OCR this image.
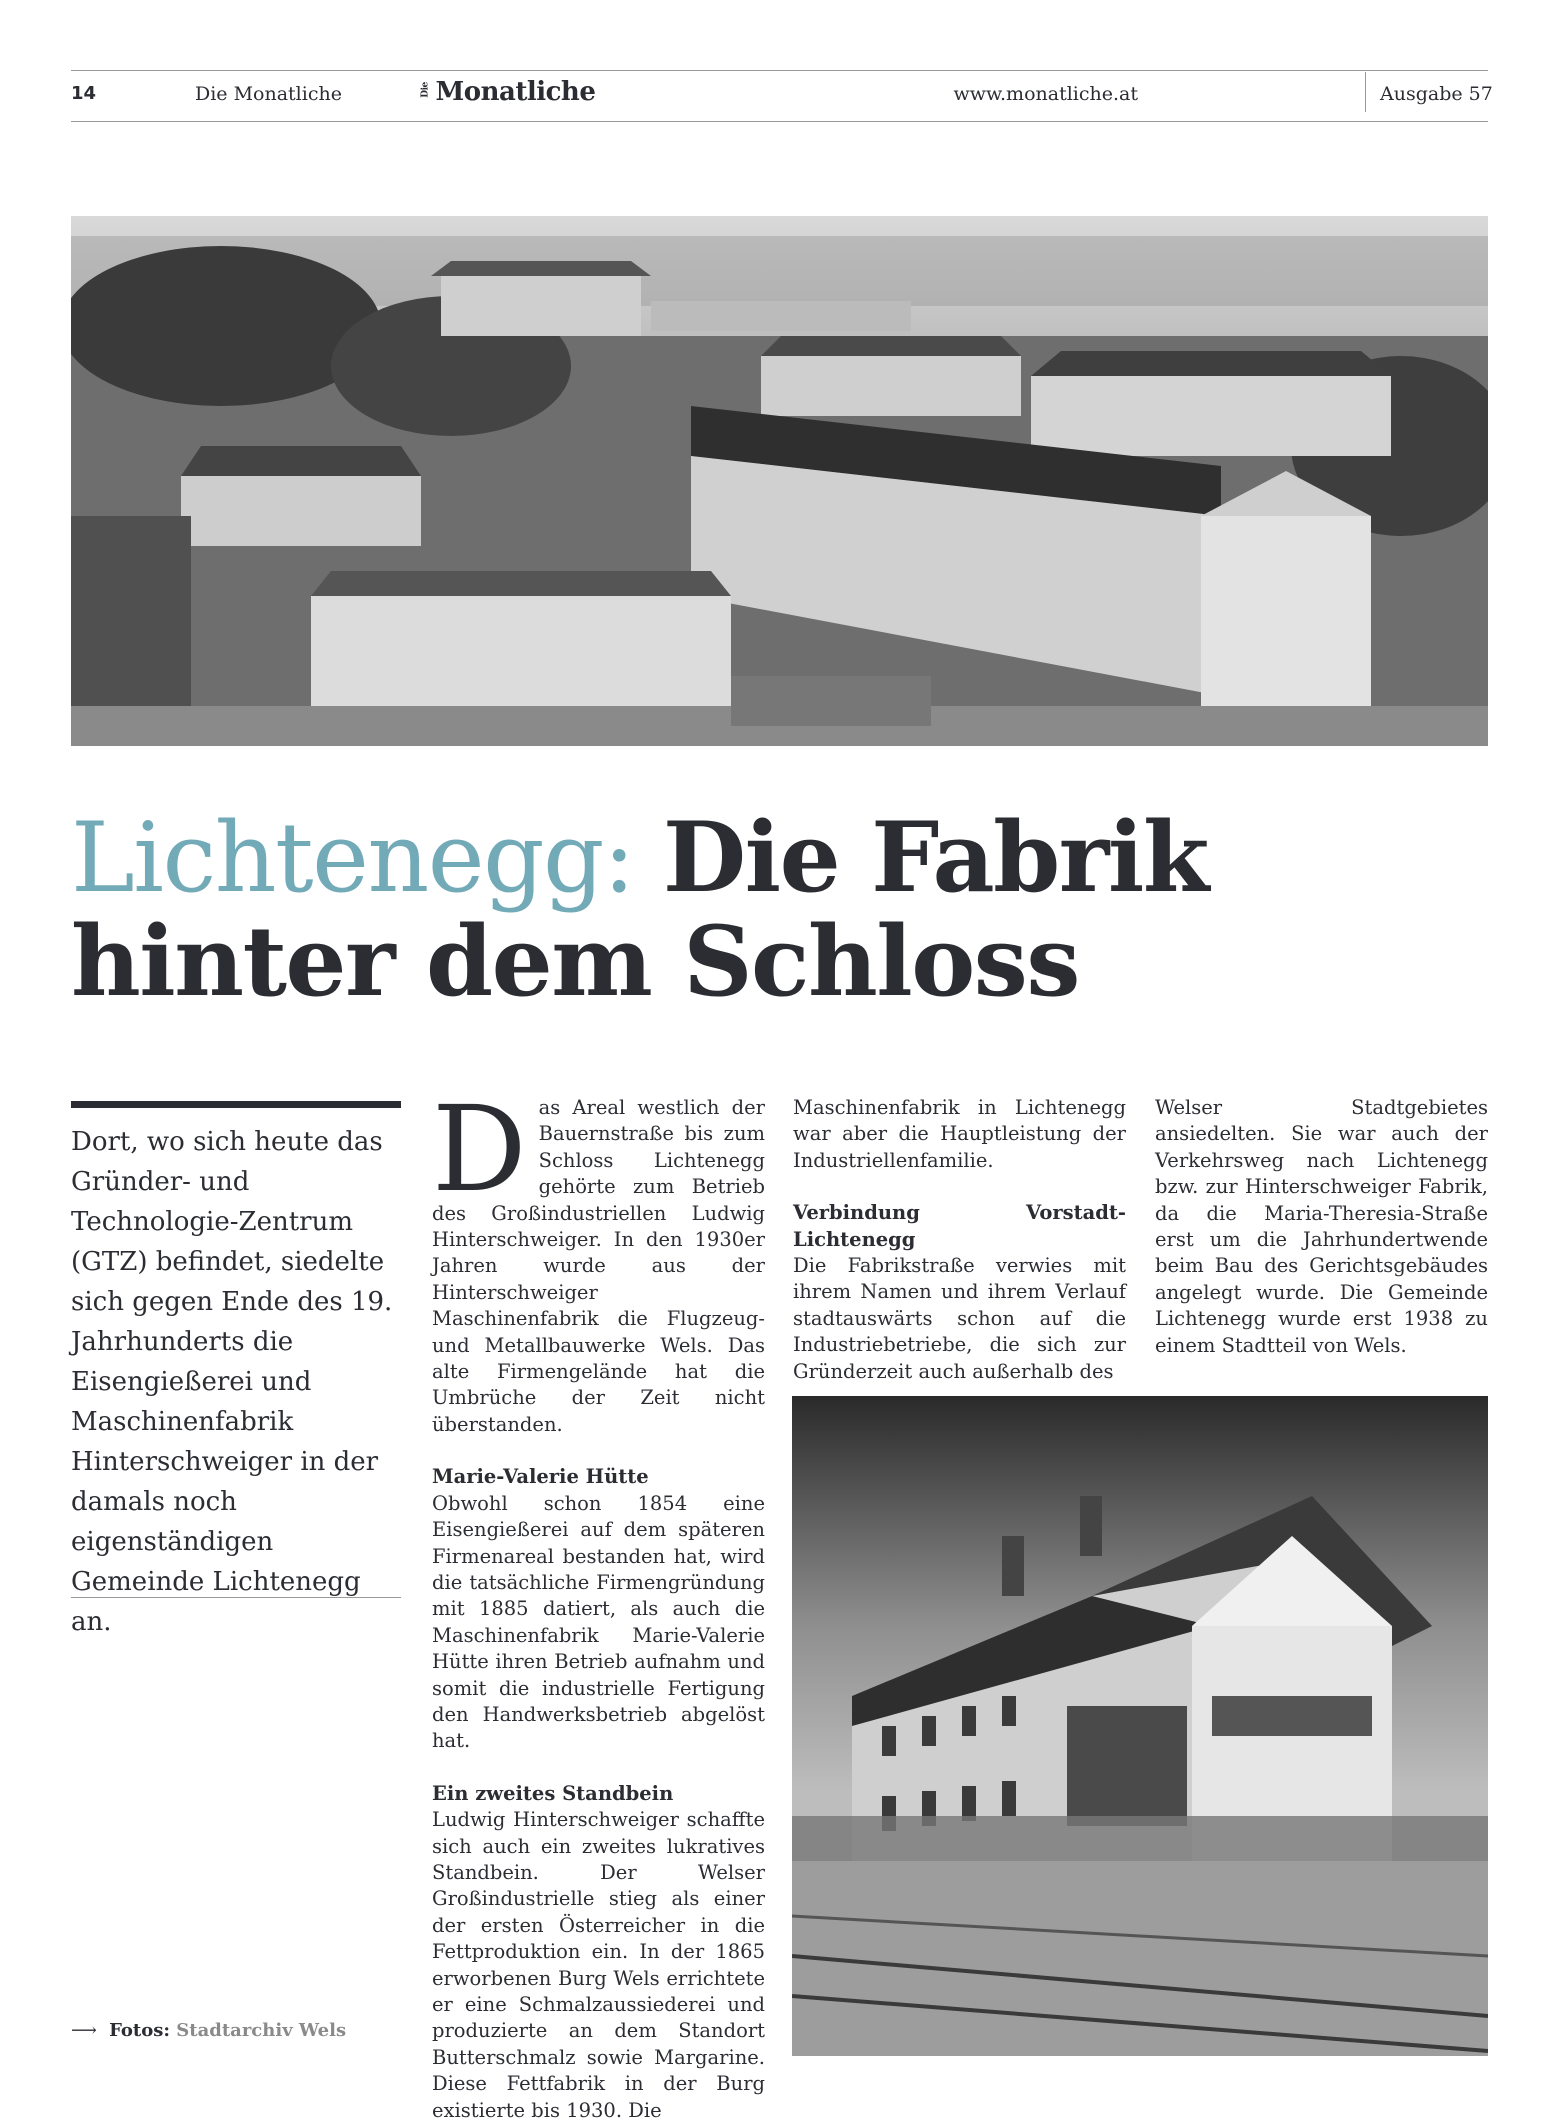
14	Die Monatliche	Die Monatliche	www.monatliche.at	Ausgabe 57
Lichtenegg: Die Fabrik hinter dem Schloss
Dort, wo sich heute das Gründer- und Technologie-Zentrum (GTZ) befindet, siedelte sich gegen Ende des 19. Jahrhunderts die Eisengießerei und Maschinenfabrik Hinterschweiger in der damals noch eigenständigen Gemeinde Lichtenegg an.
⟶ Fotos: Stadtarchiv Wels

Das Areal westlich der Bauernstraße bis zum Schloss Lichtenegg gehörte zum Betrieb des Großindustriellen Ludwig Hinterschweiger. In den 1930er Jahren wurde aus der Hinterschweiger Maschinenfabrik die Flugzeug- und Metallbauwerke Wels. Das alte Firmengelände hat die Umbrüche der Zeit nicht überstanden.

Marie-Valerie Hütte

Obwohl schon 1854 eine Eisengießerei auf dem späteren Firmenareal bestanden hat, wird die tatsächliche Firmengründung mit 1885 datiert, als auch die Maschinenfabrik Marie-Valerie Hütte ihren Betrieb aufnahm und somit die industrielle Fertigung den Handwerksbetrieb abgelöst hat.

Ein zweites Standbein

Ludwig Hinterschweiger schaffte sich auch ein zweites lukratives Standbein. Der Welser Großindustrielle stieg als einer der ersten Österreicher in die Fettproduktion ein. In der 1865 erworbenen Burg Wels errichtete er eine Schmalzaussiederei und produzierte an dem Standort Butterschmalz sowie Margarine. Diese Fettfabrik in der Burg existierte bis 1930. Die

Maschinenfabrik in Lichtenegg war aber die Hauptleistung der Industriellenfamilie.

Verbindung Vorstadt-Lichtenegg

Die Fabrikstraße verwies mit ihrem Namen und ihrem Verlauf stadtauswärts schon auf die Industriebetriebe, die sich zur Gründerzeit auch außerhalb des

Welser Stadtgebietes ansiedelten. Sie war auch der Verkehrsweg nach Lichtenegg bzw. zur Hinterschweiger Fabrik, da die Maria-Theresia-Straße erst um die Jahrhundertwende beim Bau des Gerichtsgebäudes angelegt wurde. Die Gemeinde Lichtenegg wurde erst 1938 zu einem Stadtteil von Wels.
